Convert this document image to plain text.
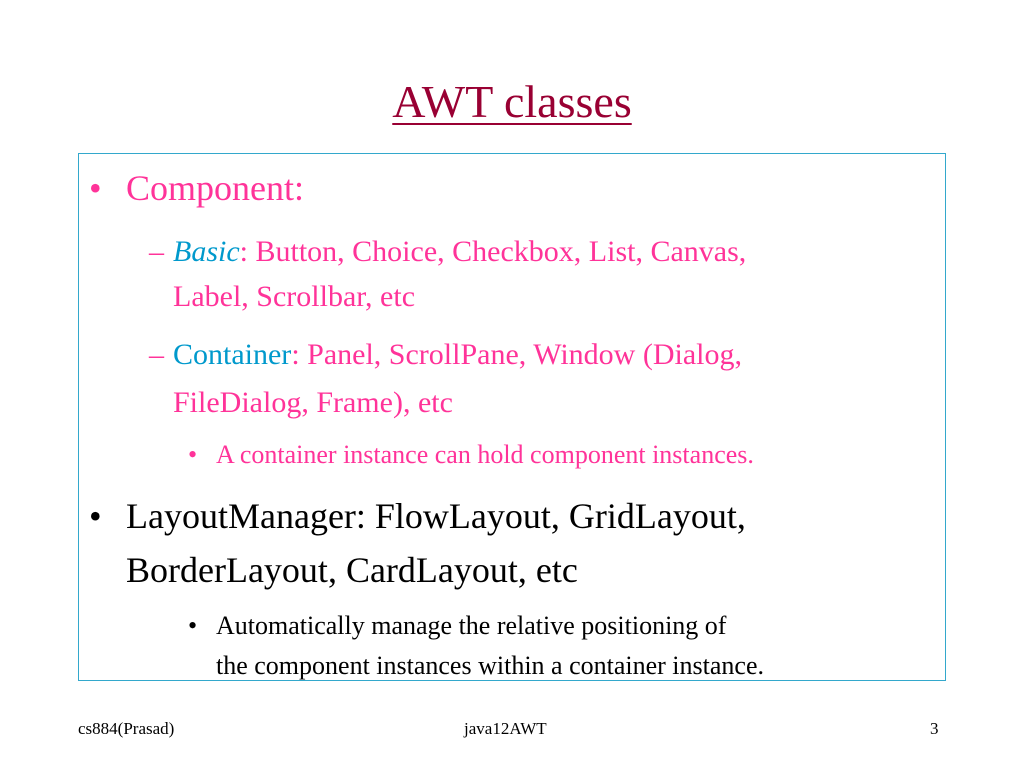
AWT classes
• Component:
– Basic: Button, Choice, Checkbox, List, Canvas,
Label, Scrollbar, etc
– Container: Panel, ScrollPane, Window (Dialog,
FileDialog, Frame), etc
• A container instance can hold component instances.
• LayoutManager: FlowLayout, GridLayout,
BorderLayout, CardLayout, etc
• Automatically manage the relative positioning of
the component instances within a container instance.
cs884(Prasad)	java12AWT	3
